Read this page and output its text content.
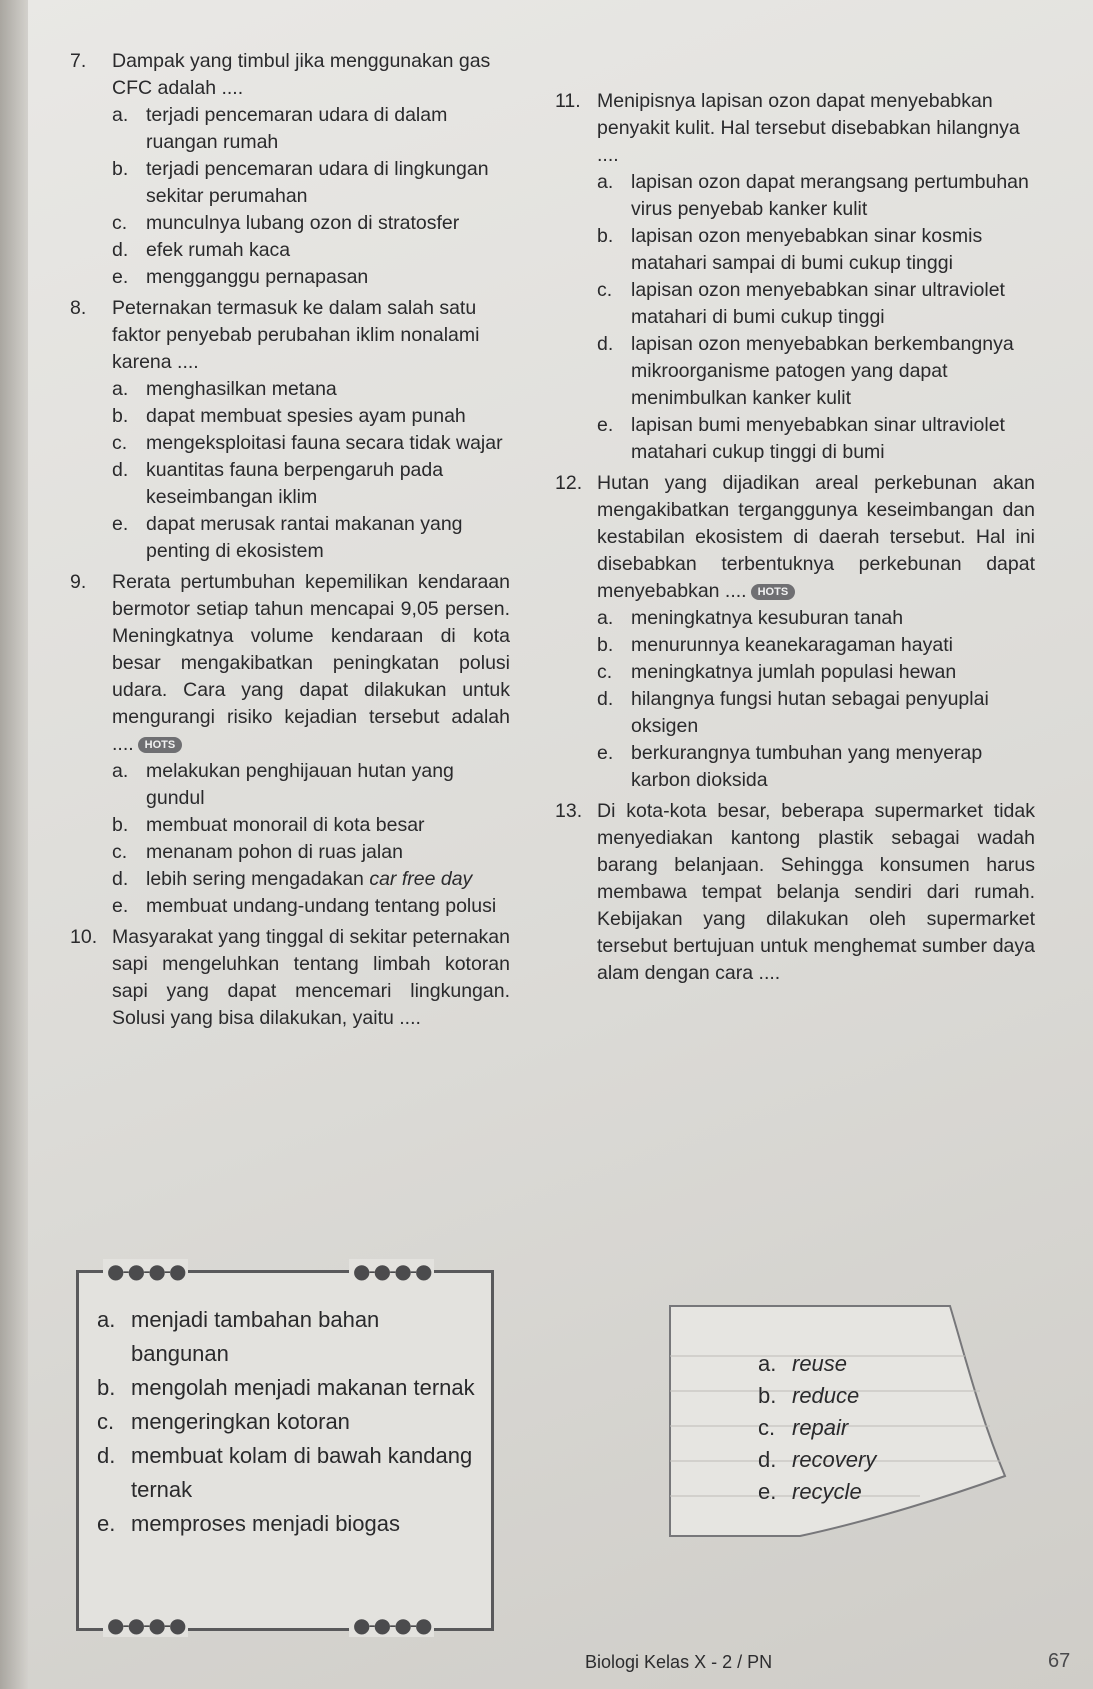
7.	Dampak yang timbul jika menggunakan gas CFC adalah ....
a. terjadi pencemaran udara di dalam ruangan rumah
b. terjadi pencemaran udara di lingkungan sekitar perumahan
c. munculnya lubang ozon di stratosfer
d. efek rumah kaca
e. mengganggu pernapasan
8.	Peternakan termasuk ke dalam salah satu faktor penyebab perubahan iklim nonalami karena ....
a. menghasilkan metana
b. dapat membuat spesies ayam punah
c. mengeksploitasi fauna secara tidak wajar
d. kuantitas fauna berpengaruh pada keseimbangan iklim
e. dapat merusak rantai makanan yang penting di ekosistem
9.	Rerata pertumbuhan kepemilikan kendaraan bermotor setiap tahun mencapai 9,05 persen. Meningkatnya volume kendaraan di kota besar mengakibatkan peningkatan polusi udara. Cara yang dapat dilakukan untuk mengurangi risiko kejadian tersebut adalah .... HOTS
a. melakukan penghijauan hutan yang gundul
b. membuat monorail di kota besar
c. menanam pohon di ruas jalan
d. lebih sering mengadakan car free day
e. membuat undang-undang tentang polusi
10. Masyarakat yang tinggal di sekitar peternakan sapi mengeluhkan tentang limbah kotoran sapi yang dapat mencemari lingkungan. Solusi yang bisa dilakukan, yaitu ....
●-●-●-●	●-●-●-●
●-●-●-●	●-●-●-●
a. menjadi tambahan bahan bangunan
b. mengolah menjadi makanan ternak
c. mengeringkan kotoran
d. membuat kolam di bawah kandang ternak
e. memproses menjadi biogas
11. Menipisnya lapisan ozon dapat menyebabkan penyakit kulit. Hal tersebut disebabkan hilangnya ....
a. lapisan ozon dapat merangsang pertumbuhan virus penyebab kanker kulit
b. lapisan ozon menyebabkan sinar kosmis matahari sampai di bumi cukup tinggi
c. lapisan ozon menyebabkan sinar ultraviolet matahari di bumi cukup tinggi
d. lapisan ozon menyebabkan berkembangnya mikroorganisme patogen yang dapat menimbulkan kanker kulit
e. lapisan bumi menyebabkan sinar ultraviolet matahari cukup tinggi di bumi
12. Hutan yang dijadikan areal perkebunan akan mengakibatkan terganggunya keseimbangan dan kestabilan ekosistem di daerah tersebut. Hal ini disebabkan terbentuknya perkebunan dapat menyebabkan .... HOTS
a. meningkatnya kesuburan tanah
b. menurunnya keanekaragaman hayati
c. meningkatnya jumlah populasi hewan
d. hilangnya fungsi hutan sebagai penyuplai oksigen
e. berkurangnya tumbuhan yang menyerap karbon dioksida
13. Di kota-kota besar, beberapa supermarket tidak menyediakan kantong plastik sebagai wadah barang belanjaan. Sehingga konsumen harus membawa tempat belanja sendiri dari rumah. Kebijakan yang dilakukan oleh supermarket tersebut bertujuan untuk menghemat sumber daya alam dengan cara ....
a. reuse
b. reduce
c. repair
d. recovery
e. recycle
Biologi Kelas X - 2 / PN	67
